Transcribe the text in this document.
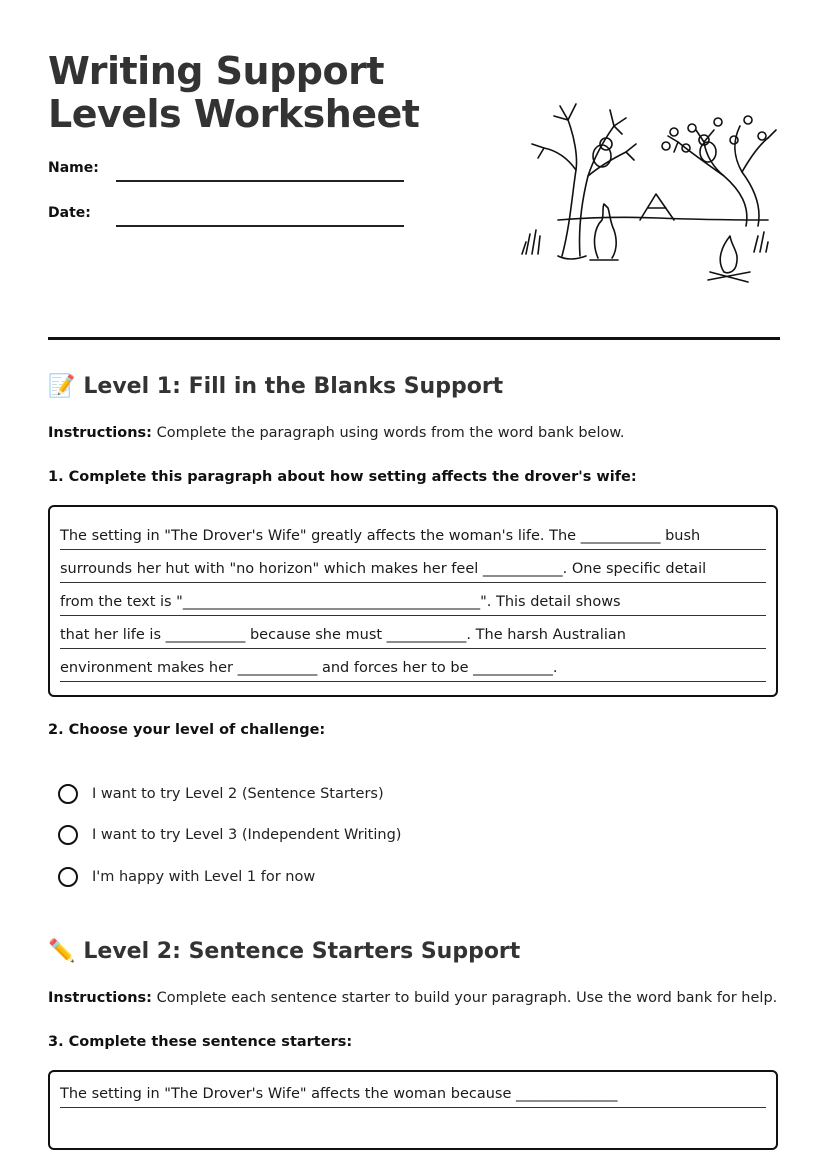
Writing Support Levels Worksheet
Name:
Date:
📝 Level 1: Fill in the Blanks Support
Instructions: Complete the paragraph using words from the word bank below.
1. Complete this paragraph about how setting affects the drover's wife:
The setting in "The Drover's Wife" greatly affects the woman's life. The ___________ bush
surrounds her hut with "no horizon" which makes her feel ___________. One specific detail
from the text is "_________________________________________". This detail shows
that her life is ___________ because she must ___________. The harsh Australian
environment makes her ___________ and forces her to be ___________.
2. Choose your level of challenge:
I want to try Level 2 (Sentence Starters)
I want to try Level 3 (Independent Writing)
I'm happy with Level 1 for now
✏️ Level 2: Sentence Starters Support
Instructions: Complete each sentence starter to build your paragraph. Use the word bank for help.
3. Complete these sentence starters:
The setting in "The Drover's Wife" affects the woman because ______________
